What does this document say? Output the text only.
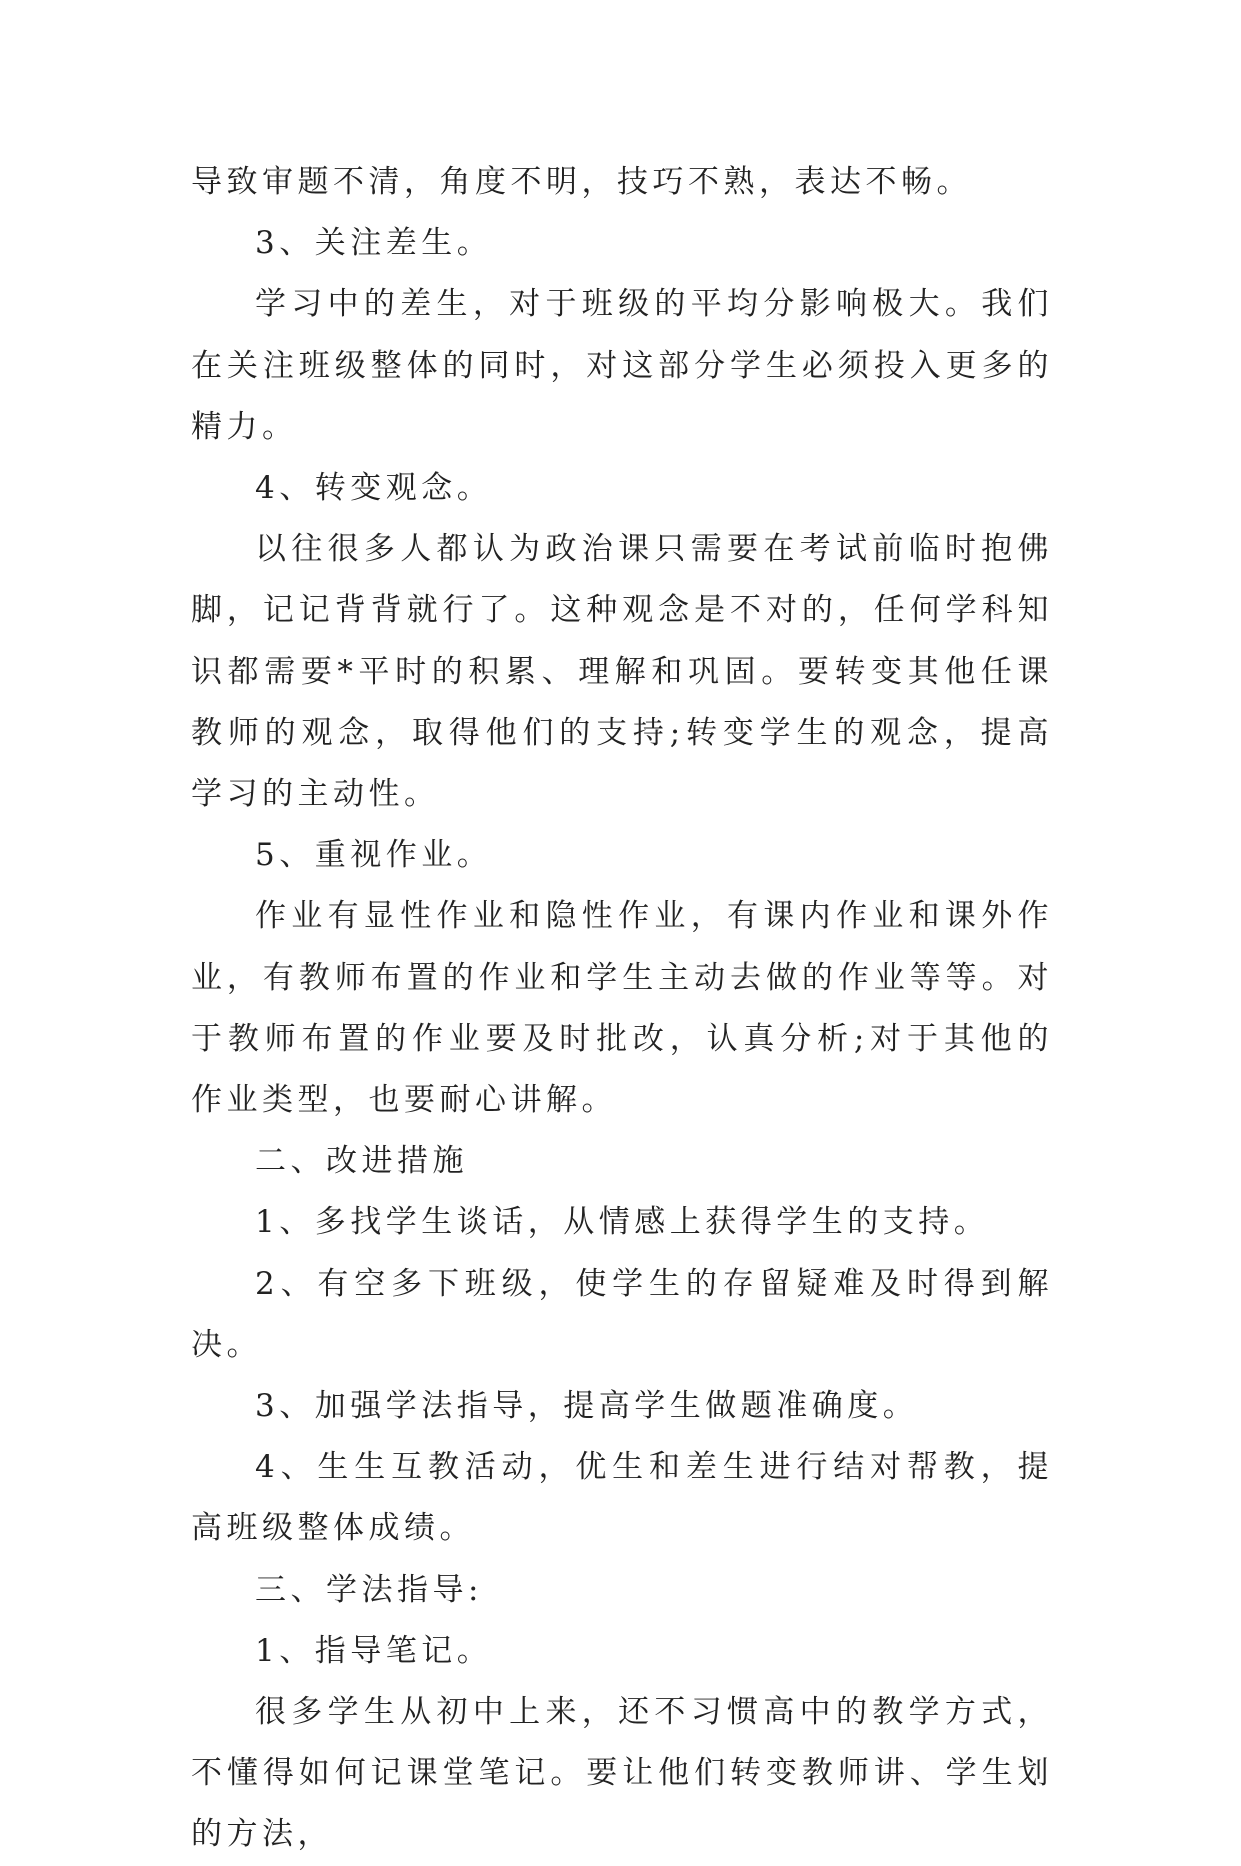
导致审题不清，角度不明，技巧不熟，表达不畅。

3、关注差生。

学习中的差生，对于班级的平均分影响极大。我们在关注班级整体的同时，对这部分学生必须投入更多的精力。

4、转变观念。

以往很多人都认为政治课只需要在考试前临时抱佛脚，记记背背就行了。这种观念是不对的，任何学科知识都需要*平时的积累、理解和巩固。要转变其他任课教师的观念，取得他们的支持;转变学生的观念，提高学习的主动性。

5、重视作业。

作业有显性作业和隐性作业，有课内作业和课外作业，有教师布置的作业和学生主动去做的作业等等。对于教师布置的作业要及时批改，认真分析;对于其他的作业类型，也要耐心讲解。

二、改进措施

1、多找学生谈话，从情感上获得学生的支持。

2、有空多下班级，使学生的存留疑难及时得到解决。

3、加强学法指导，提高学生做题准确度。

4、生生互教活动，优生和差生进行结对帮教，提高班级整体成绩。

三、学法指导:

1、指导笔记。

很多学生从初中上来，还不习惯高中的教学方式，不懂得如何记课堂笔记。要让他们转变教师讲、学生划的方法，
